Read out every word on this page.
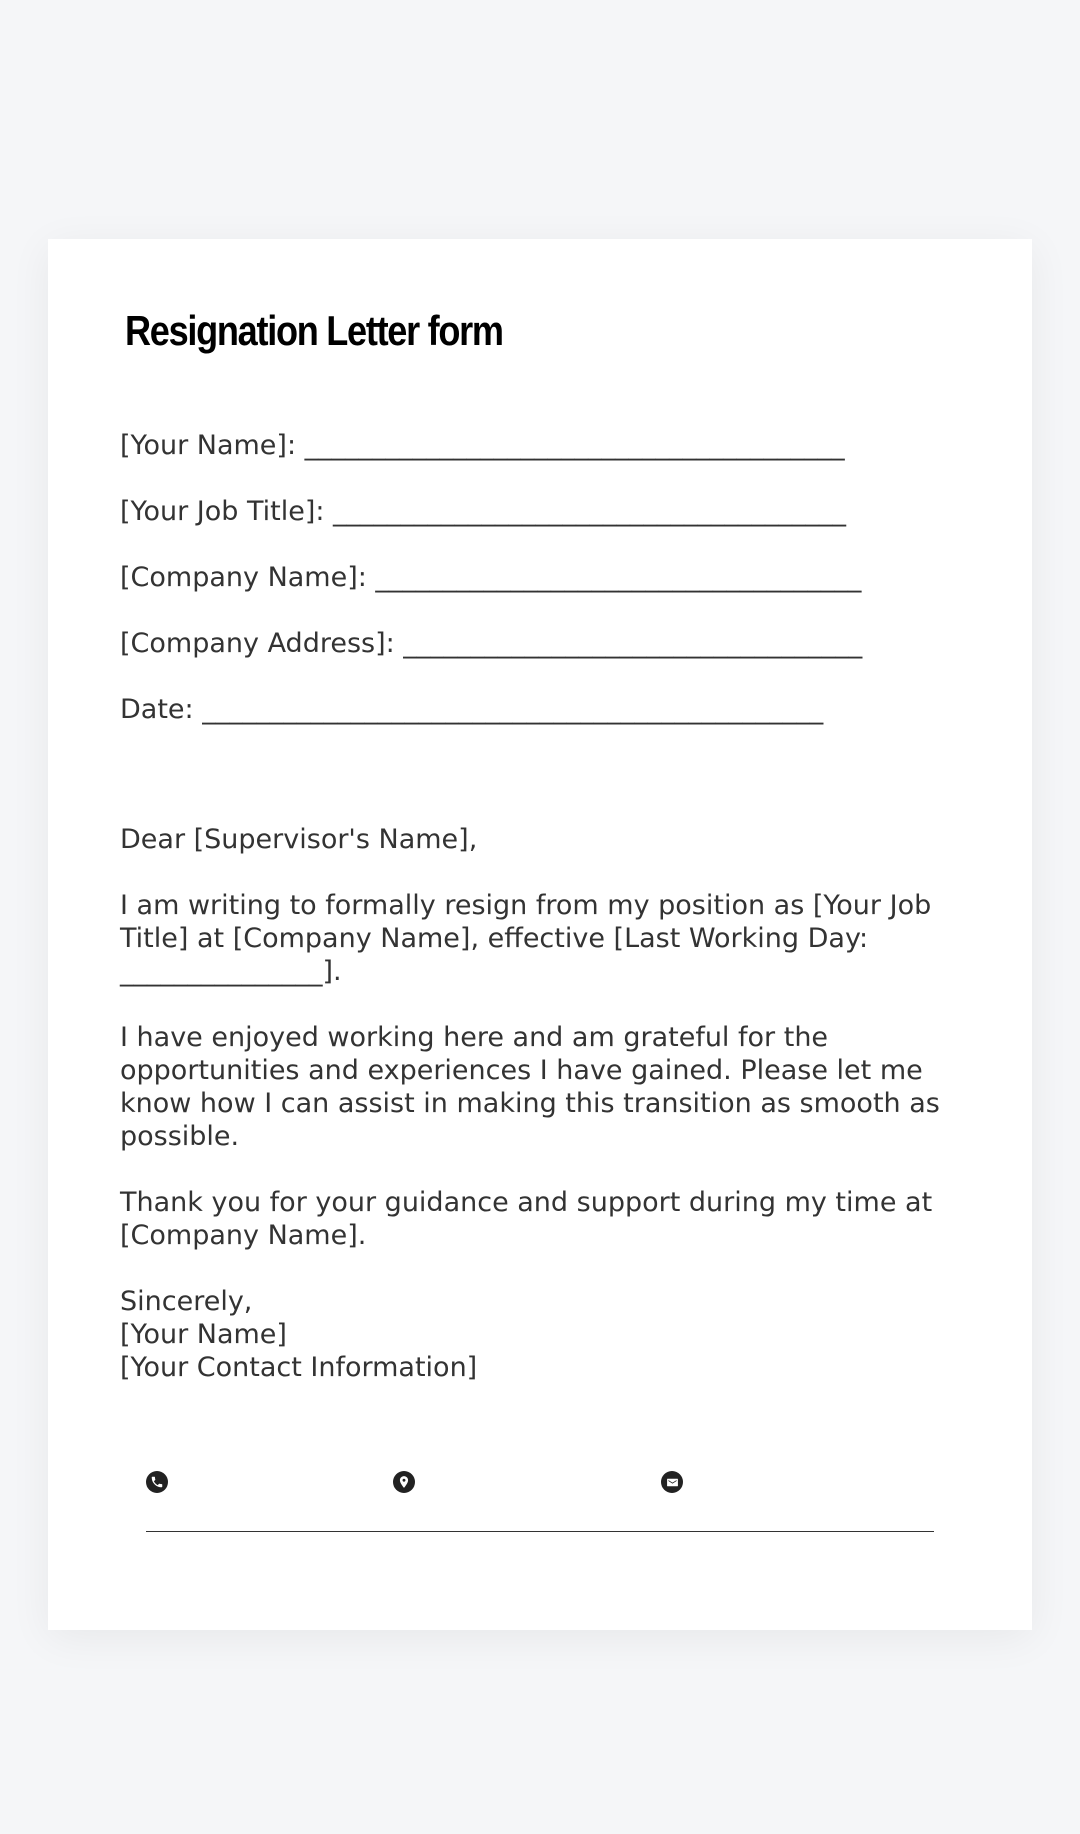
Resignation Letter form
[Your Name]: ________________________________________
[Your Job Title]: ______________________________________
[Company Name]: ____________________________________
[Company Address]: __________________________________
Date: ______________________________________________

Dear [Supervisor's Name],

I am writing to formally resign from my position as [Your Job Title] at [Company Name], effective [Last Working Day: _______________].

I have enjoyed working here and am grateful for the opportunities and experiences I have gained. Please let me know how I can assist in making this transition as smooth as possible.

Thank you for your guidance and support during my time at [Company Name].

Sincerely,
[Your Name]
[Your Contact Information]
